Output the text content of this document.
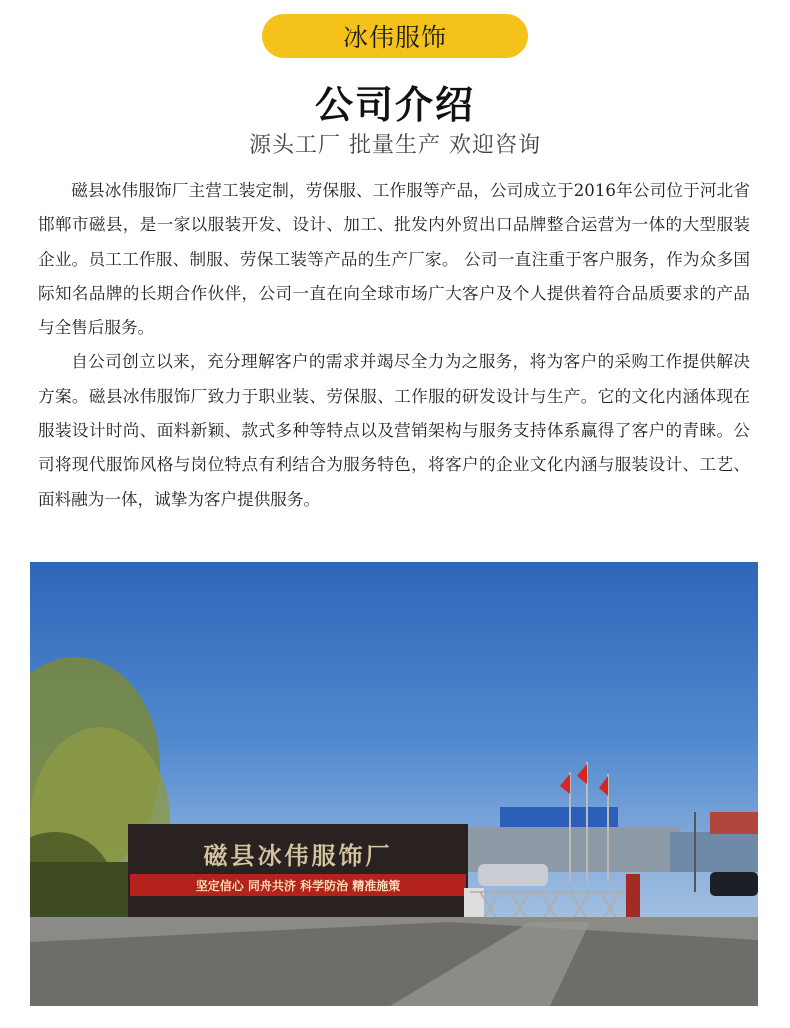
冰伟服饰
公司介绍
源头工厂 批量生产 欢迎咨询

磁县冰伟服饰厂主营工装定制，劳保服、工作服等产品，公司成立于2016年公司位于河北省邯郸市磁县，是一家以服装开发、设计、加工、批发内外贸出口品牌整合运营为一体的大型服装企业。员工工作服、制服、劳保工装等产品的生产厂家。 公司一直注重于客户服务，作为众多国际知名品牌的长期合作伙伴，公司一直在向全球市场广大客户及个人提供着符合品质要求的产品与全售后服务。

自公司创立以来，充分理解客户的需求并竭尽全力为之服务，将为客户的采购工作提供解决方案。磁县冰伟服饰厂致力于职业装、劳保服、工作服的研发设计与生产。它的文化内涵体现在服装设计时尚、面料新颖、款式多种等特点以及营销架构与服务支持体系赢得了客户的青睐。公司将现代服饰风格与岗位特点有利结合为服务特色，将客户的企业文化内涵与服装设计、工艺、面料融为一体，诚挚为客户提供服务。

磁县冰伟服饰厂
坚定信心 同舟共济 科学防治 精准施策
